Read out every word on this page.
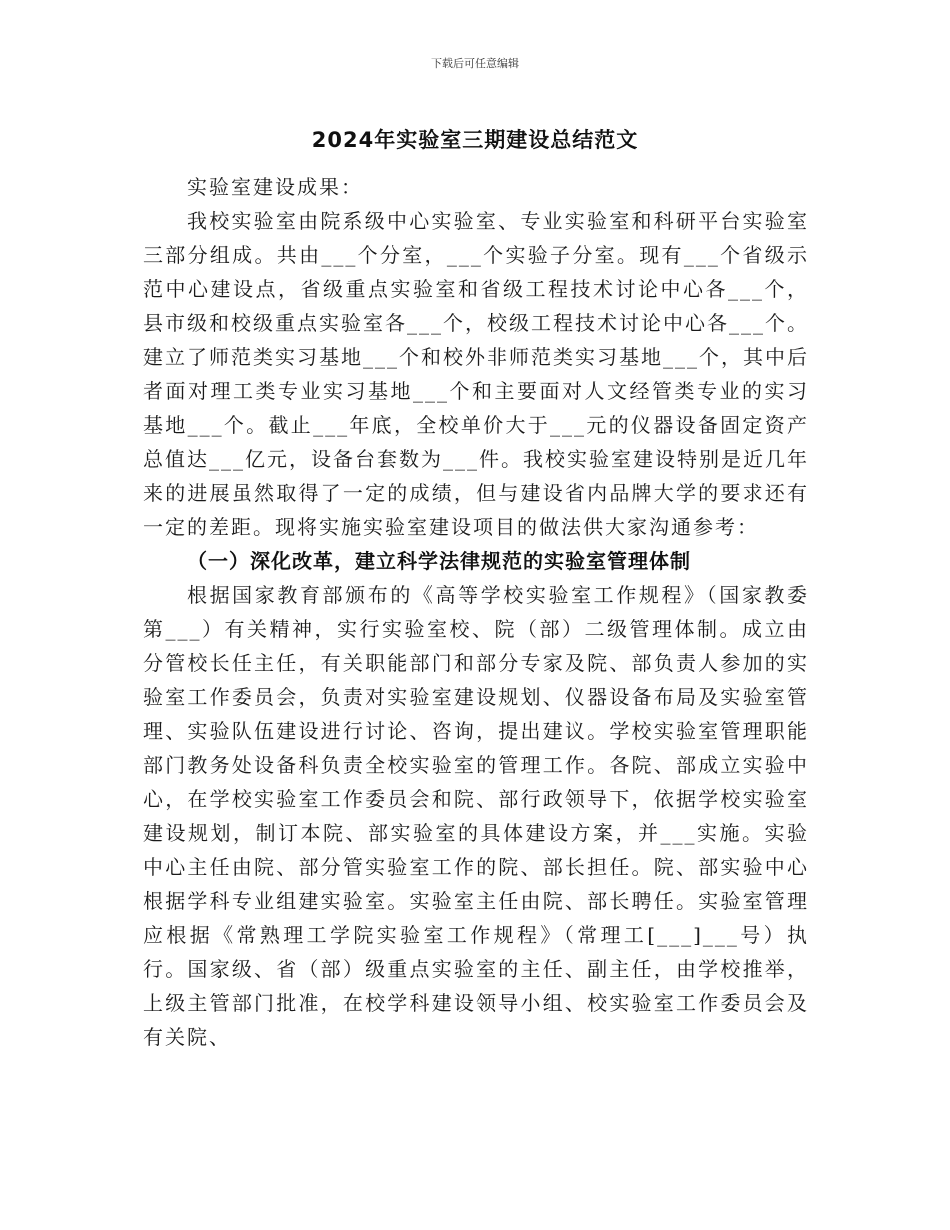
下载后可任意编辑
2024年实验室三期建设总结范文

实验室建设成果：

我校实验室由院系级中心实验室、专业实验室和科研平台实验室三部分组成。共由___个分室，___个实验子分室。现有___个省级示范中心建设点，省级重点实验室和省级工程技术讨论中心各___个，县市级和校级重点实验室各___个，校级工程技术讨论中心各___个。建立了师范类实习基地___个和校外非师范类实习基地___个，其中后者面对理工类专业实习基地___个和主要面对人文经管类专业的实习基地___个。截止___年底，全校单价大于___元的仪器设备固定资产总值达___亿元，设备台套数为___件。我校实验室建设特别是近几年来的进展虽然取得了一定的成绩，但与建设省内品牌大学的要求还有一定的差距。现将实施实验室建设项目的做法供大家沟通参考：

（一）深化改革，建立科学法律规范的实验室管理体制

根据国家教育部颁布的《高等学校实验室工作规程》（国家教委第___）有关精神，实行实验室校、院（部）二级管理体制。成立由分管校长任主任，有关职能部门和部分专家及院、部负责人参加的实验室工作委员会，负责对实验室建设规划、仪器设备布局及实验室管理、实验队伍建设进行讨论、咨询，提出建议。学校实验室管理职能部门教务处设备科负责全校实验室的管理工作。各院、部成立实验中心，在学校实验室工作委员会和院、部行政领导下，依据学校实验室建设规划，制订本院、部实验室的具体建设方案，并___实施。实验中心主任由院、部分管实验室工作的院、部长担任。院、部实验中心根据学科专业组建实验室。实验室主任由院、部长聘任。实验室管理应根据《常熟理工学院实验室工作规程》（常理工[___]___号）执行。国家级、省（部）级重点实验室的主任、副主任，由学校推举，上级主管部门批准，在校学科建设领导小组、校实验室工作委员会及有关院、
